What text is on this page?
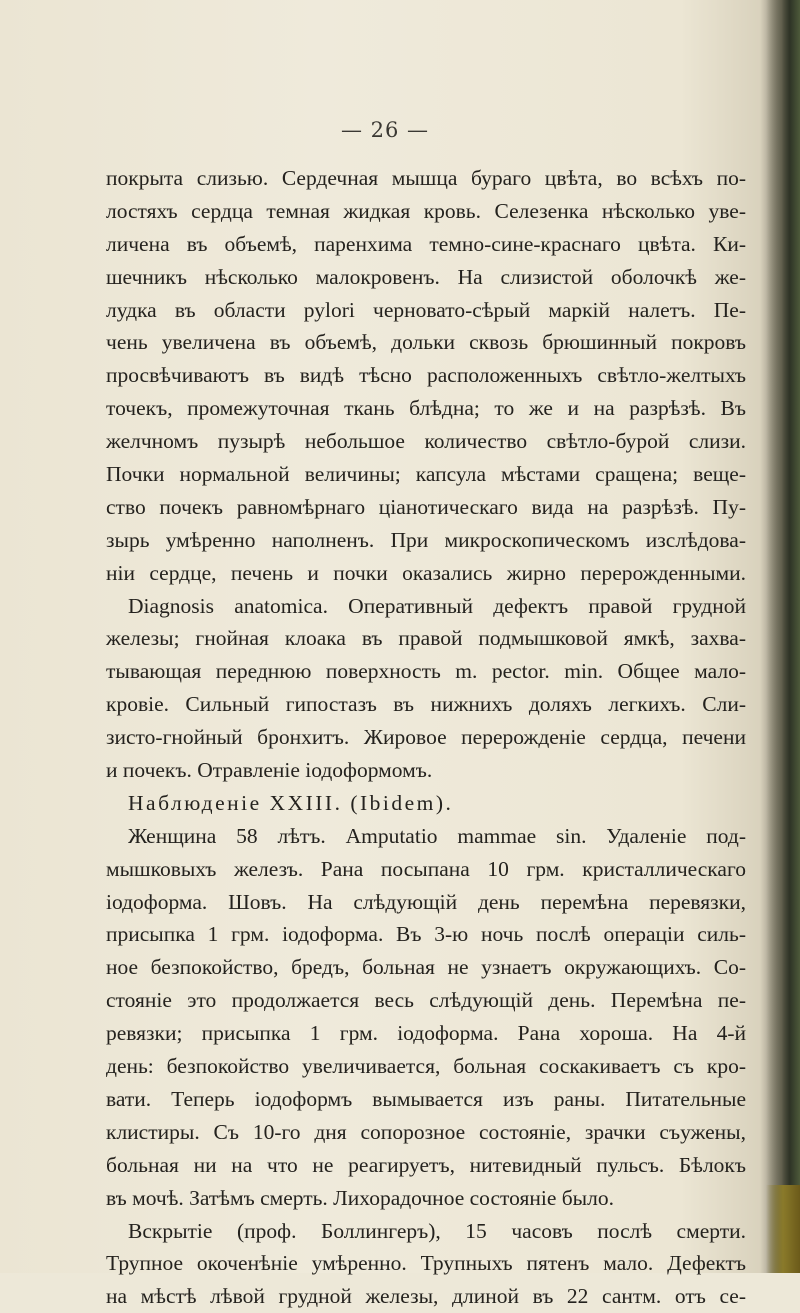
— 26 —
покрыта слизью. Сердечная мышца бураго цвѣта, во всѣхъ по-
лостяхъ сердца темная жидкая кровь. Селезенка нѣсколько уве-
личена въ объемѣ, паренхима темно-сине-краснаго цвѣта. Ки-
шечникъ нѣсколько малокровенъ. На слизистой оболочкѣ же-
лудка въ области руlori черновато-сѣрый маркій налетъ. Пе-
чень увеличена въ объемѣ, дольки сквозь брюшинный покровъ
просвѣчиваютъ въ видѣ тѣсно расположенныхъ свѣтло-желтыхъ
точекъ, промежуточная ткань блѣдна; то же и на разрѣзѣ. Въ
желчномъ пузырѣ небольшое количество свѣтло-бурой слизи.
Почки нормальной величины; капсула мѣстами сращена; веще-
ство почекъ равномѣрнаго ціанотическаго вида на разрѣзѣ. Пу-
зырь умѣренно наполненъ. При микроскопическомъ изслѣдова-
ніи сердце, печень и почки оказались жирно перерожденными.
Diagnosis anatomica. Оперативный дефектъ правой грудной
железы; гнойная клоака въ правой подмышковой ямкѣ, захва-
тывающая переднюю поверхность m. pector. min. Общее мало-
кровіе. Сильный гипостазъ въ нижнихъ доляхъ легкихъ. Сли-
зисто-гнойный бронхитъ. Жировое перерожденіе сердца, печени
и почекъ. Отравленіе іодоформомъ.
Наблюденіе XXIII. (Ibidem).
Женщина 58 лѣтъ. Amputatio mammae sin. Удаленіе под-
мышковыхъ железъ. Рана посыпана 10 грм. кристаллическаго
іодоформа. Шовъ. На слѣдующій день перемѣна перевязки,
присыпка 1 грм. іодоформа. Въ 3-ю ночь послѣ операціи силь-
ное безпокойство, бредъ, больная не узнаетъ окружающихъ. Со-
стояніе это продолжается весь слѣдующій день. Перемѣна пе-
ревязки; присыпка 1 грм. іодоформа. Рана хороша. На 4-й
день: безпокойство увеличивается, больная соскакиваетъ съ кро-
вати. Теперь іодоформъ вымывается изъ раны. Питательные
клистиры. Съ 10-го дня сопорозное состояніе, зрачки съужены,
больная ни на что не реагируетъ, нитевидный пульсъ. Бѣлокъ
въ мочѣ. Затѣмъ смерть. Лихорадочное состояніе было.
Вскрытіе (проф. Боллингеръ), 15 часовъ послѣ смерти.
Трупное окоченѣніе умѣренно. Трупныхъ пятенъ мало. Дефектъ
на мѣстѣ лѣвой грудной железы, длиной въ 22 сантм. отъ се-
